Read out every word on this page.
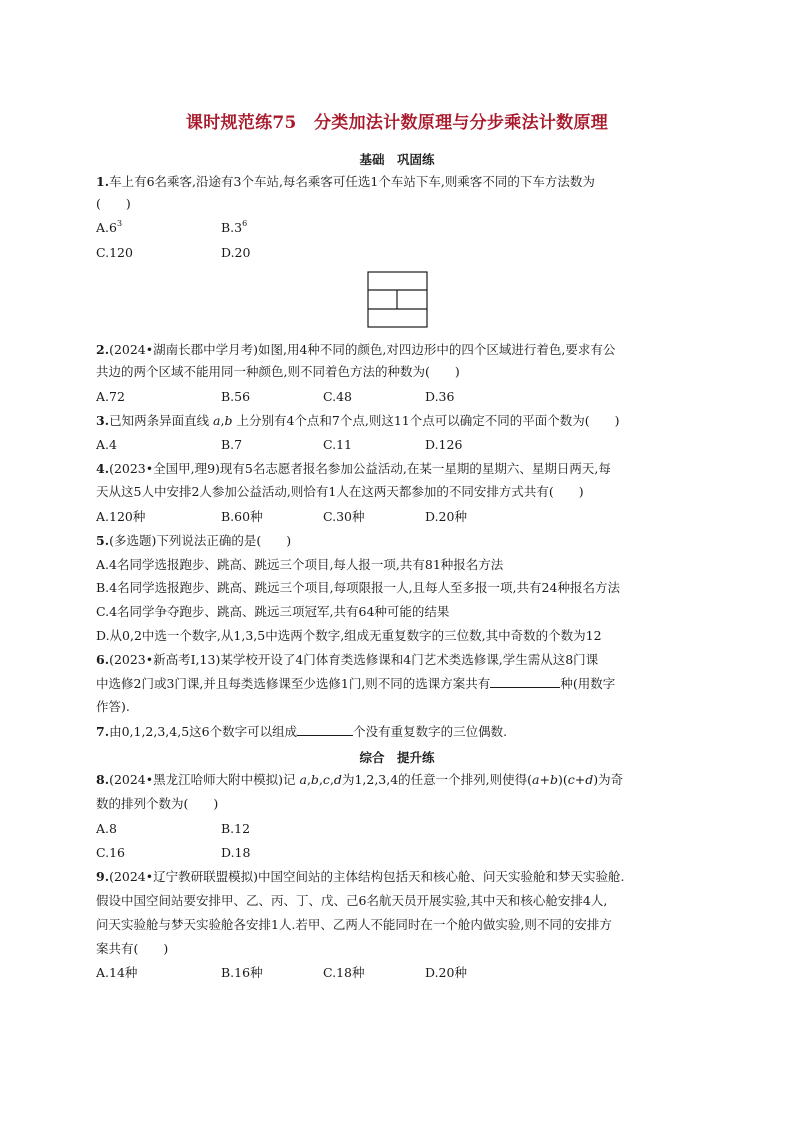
课时规范练75　分类加法计数原理与分步乘法计数原理
基础　巩固练
1.车上有6名乘客,沿途有3个车站,每名乘客可任选1个车站下车,则乘客不同的下车方法数为
(　　)
$A.6^3$	$B.3^6$
C.120	D.20
2.(2024•湖南长郡中学月考)如图,用4种不同的颜色,对四边形中的四个区域进行着色,要求有公
共边的两个区域不能用同一种颜色,则不同着色方法的种数为(　　)
A.72	B.56	C.48	D.36
3.已知两条异面直线 a,b 上分别有4个点和7个点,则这11个点可以确定不同的平面个数为(　　)
A.4	B.7	C.11	D.126
4.(2023•全国甲,理9)现有5名志愿者报名参加公益活动,在某一星期的星期六、星期日两天,每
天从这5人中安排2人参加公益活动,则恰有1人在这两天都参加的不同安排方式共有(　　)
A.120种	B.60种	C.30种	D.20种
5.(多选题)下列说法正确的是(　　)
A.4名同学选报跑步、跳高、跳远三个项目,每人报一项,共有81种报名方法
B.4名同学选报跑步、跳高、跳远三个项目,每项限报一人,且每人至多报一项,共有24种报名方法
C.4名同学争夺跑步、跳高、跳远三项冠军,共有64种可能的结果
D.从0,2中选一个数字,从1,3,5中选两个数字,组成无重复数字的三位数,其中奇数的个数为12
6.(2023•新高考Ⅰ,13)某学校开设了4门体育类选修课和4门艺术类选修课,学生需从这8门课
中选修2门或3门课,并且每类选修课至少选修1门,则不同的选课方案共有	种(用数字
作答).
7.由0,1,2,3,4,5这6个数字可以组成	个没有重复数字的三位偶数.
综合　提升练
8.(2024•黑龙江哈师大附中模拟)记 a,b,c,d为1,2,3,4的任意一个排列,则使得(a+b)(c+d)为奇
数的排列个数为(　　)
A.8	B.12
C.16	D.18
9.(2024•辽宁教研联盟模拟)中国空间站的主体结构包括天和核心舱、问天实验舱和梦天实验舱.
假设中国空间站要安排甲、乙、丙、丁、戊、己6名航天员开展实验,其中天和核心舱安排4人,
问天实验舱与梦天实验舱各安排1人.若甲、乙两人不能同时在一个舱内做实验,则不同的安排方
案共有(　　)
A.14种	B.16种	C.18种	D.20种
